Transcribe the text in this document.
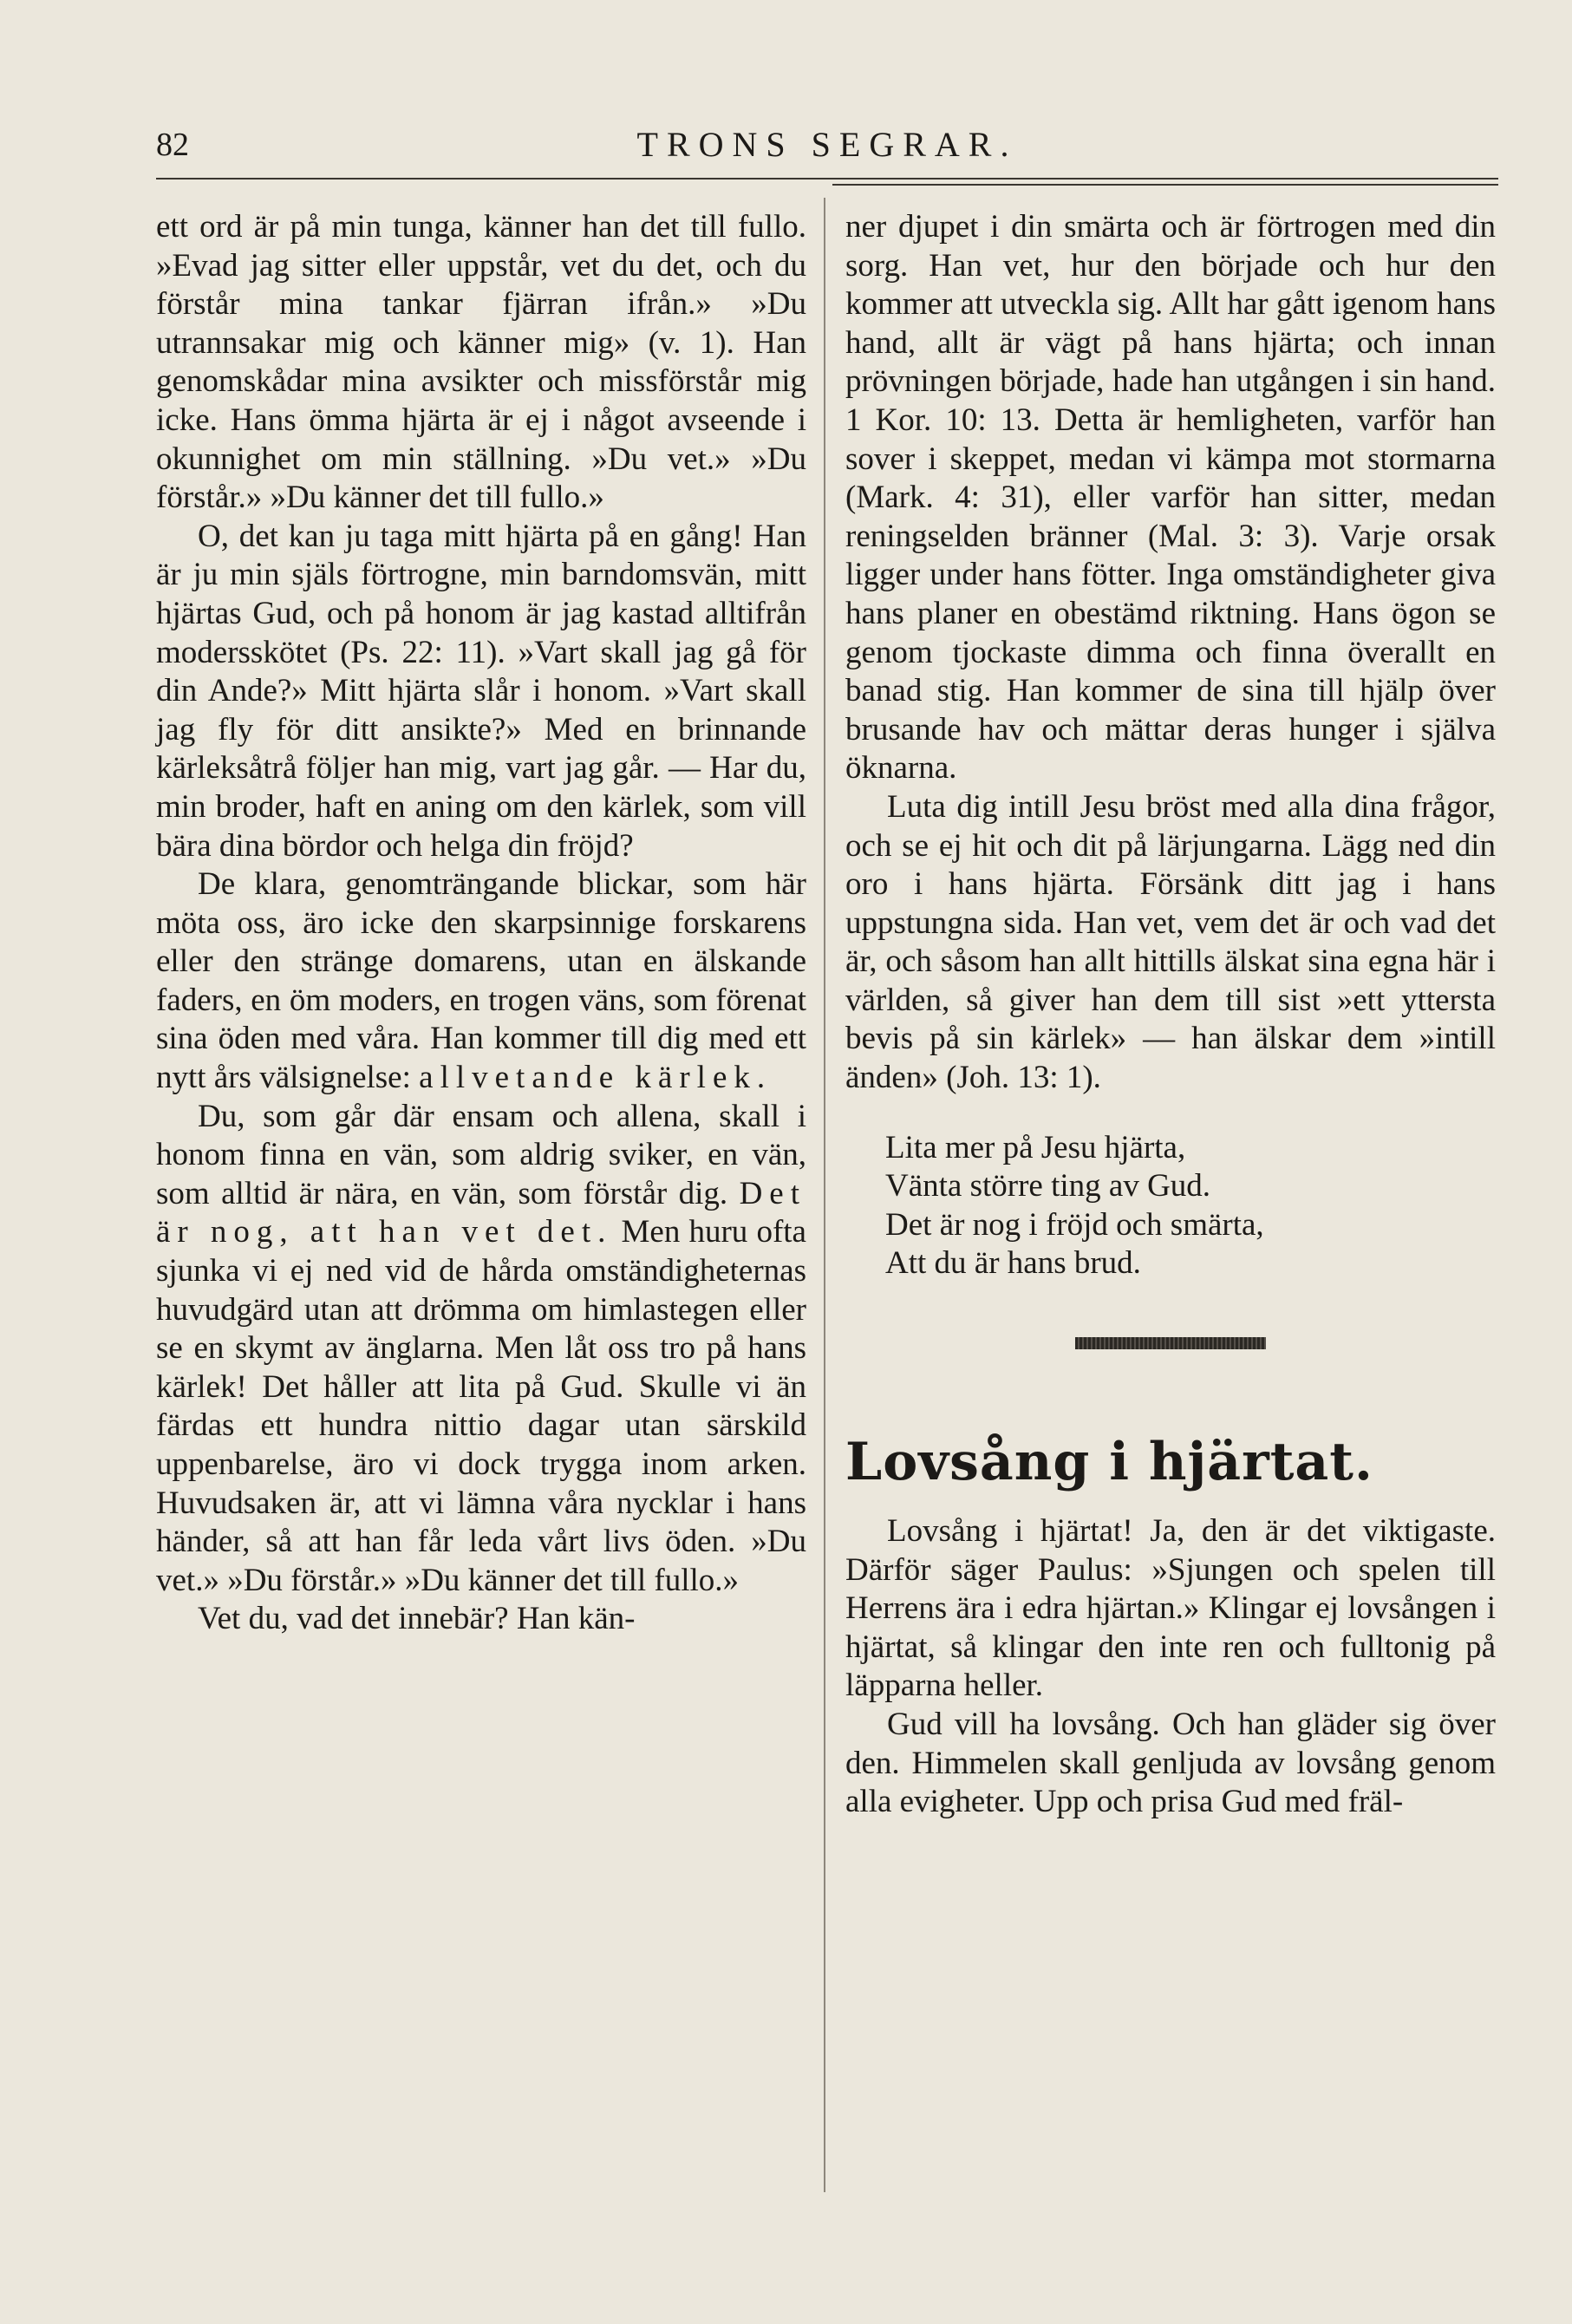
82	TRONS SEGRAR.

ett ord är på min tunga, känner han det till fullo. »Evad jag sitter eller uppstår, vet du det, och du förstår mina tankar fjärran ifrån.» »Du utrannsakar mig och känner mig» (v. 1). Han genomskådar mina avsikter och missförstår mig icke. Hans ömma hjärta är ej i något avseende i okunnighet om min ställning. »Du vet.» »Du förstår.» »Du känner det till fullo.»

O, det kan ju taga mitt hjärta på en gång! Han är ju min själs förtrogne, min barndomsvän, mitt hjärtas Gud, och på honom är jag kastad alltifrån modersskötet (Ps. 22: 11). »Vart skall jag gå för din Ande?» Mitt hjärta slår i honom. »Vart skall jag fly för ditt ansikte?» Med en brinnande kärleksåtrå följer han mig, vart jag går. — Har du, min broder, haft en aning om den kärlek, som vill bära dina bördor och helga din fröjd?

De klara, genomträngande blickar, som här möta oss, äro icke den skarpsinnige forskarens eller den stränge domarens, utan en älskande faders, en öm moders, en trogen väns, som förenat sina öden med våra. Han kommer till dig med ett nytt års välsignelse: allvetande kärlek.

Du, som går där ensam och allena, skall i honom finna en vän, som aldrig sviker, en vän, som alltid är nära, en vän, som förstår dig. Det är nog, att han vet det. Men huru ofta sjunka vi ej ned vid de hårda omständigheternas huvudgärd utan att drömma om himlastegen eller se en skymt av änglarna. Men låt oss tro på hans kärlek! Det håller att lita på Gud. Skulle vi än färdas ett hundra nittio dagar utan särskild uppenbarelse, äro vi dock trygga inom arken. Huvudsaken är, att vi lämna våra nycklar i hans händer, så att han får leda vårt livs öden. »Du vet.» »Du förstår.» »Du känner det till fullo.»

Vet du, vad det innebär? Han kän-

ner djupet i din smärta och är förtrogen med din sorg. Han vet, hur den började och hur den kommer att utveckla sig. Allt har gått igenom hans hand, allt är vägt på hans hjärta; och innan prövningen började, hade han utgången i sin hand. 1 Kor. 10: 13. Detta är hemligheten, varför han sover i skeppet, medan vi kämpa mot stormarna (Mark. 4: 31), eller varför han sitter, medan reningselden bränner (Mal. 3: 3). Varje orsak ligger under hans fötter. Inga omständigheter giva hans planer en obestämd riktning. Hans ögon se genom tjockaste dimma och finna överallt en banad stig. Han kommer de sina till hjälp över brusande hav och mättar deras hunger i själva öknarna.

Luta dig intill Jesu bröst med alla dina frågor, och se ej hit och dit på lärjungarna. Lägg ned din oro i hans hjärta. Försänk ditt jag i hans uppstungna sida. Han vet, vem det är och vad det är, och såsom han allt hittills älskat sina egna här i världen, så giver han dem till sist »ett yttersta bevis på sin kärlek» — han älskar dem »intill änden» (Joh. 13: 1).

Lita mer på Jesu hjärta,
Vänta större ting av Gud.
Det är nog i fröjd och smärta,
Att du är hans brud.
Lovsång i hjärtat.

Lovsång i hjärtat! Ja, den är det viktigaste. Därför säger Paulus: »Sjungen och spelen till Herrens ära i edra hjärtan.» Klingar ej lovsången i hjärtat, så klingar den inte ren och fulltonig på läpparna heller.

Gud vill ha lovsång. Och han gläder sig över den. Himmelen skall genljuda av lovsång genom alla evigheter. Upp och prisa Gud med fräl-
